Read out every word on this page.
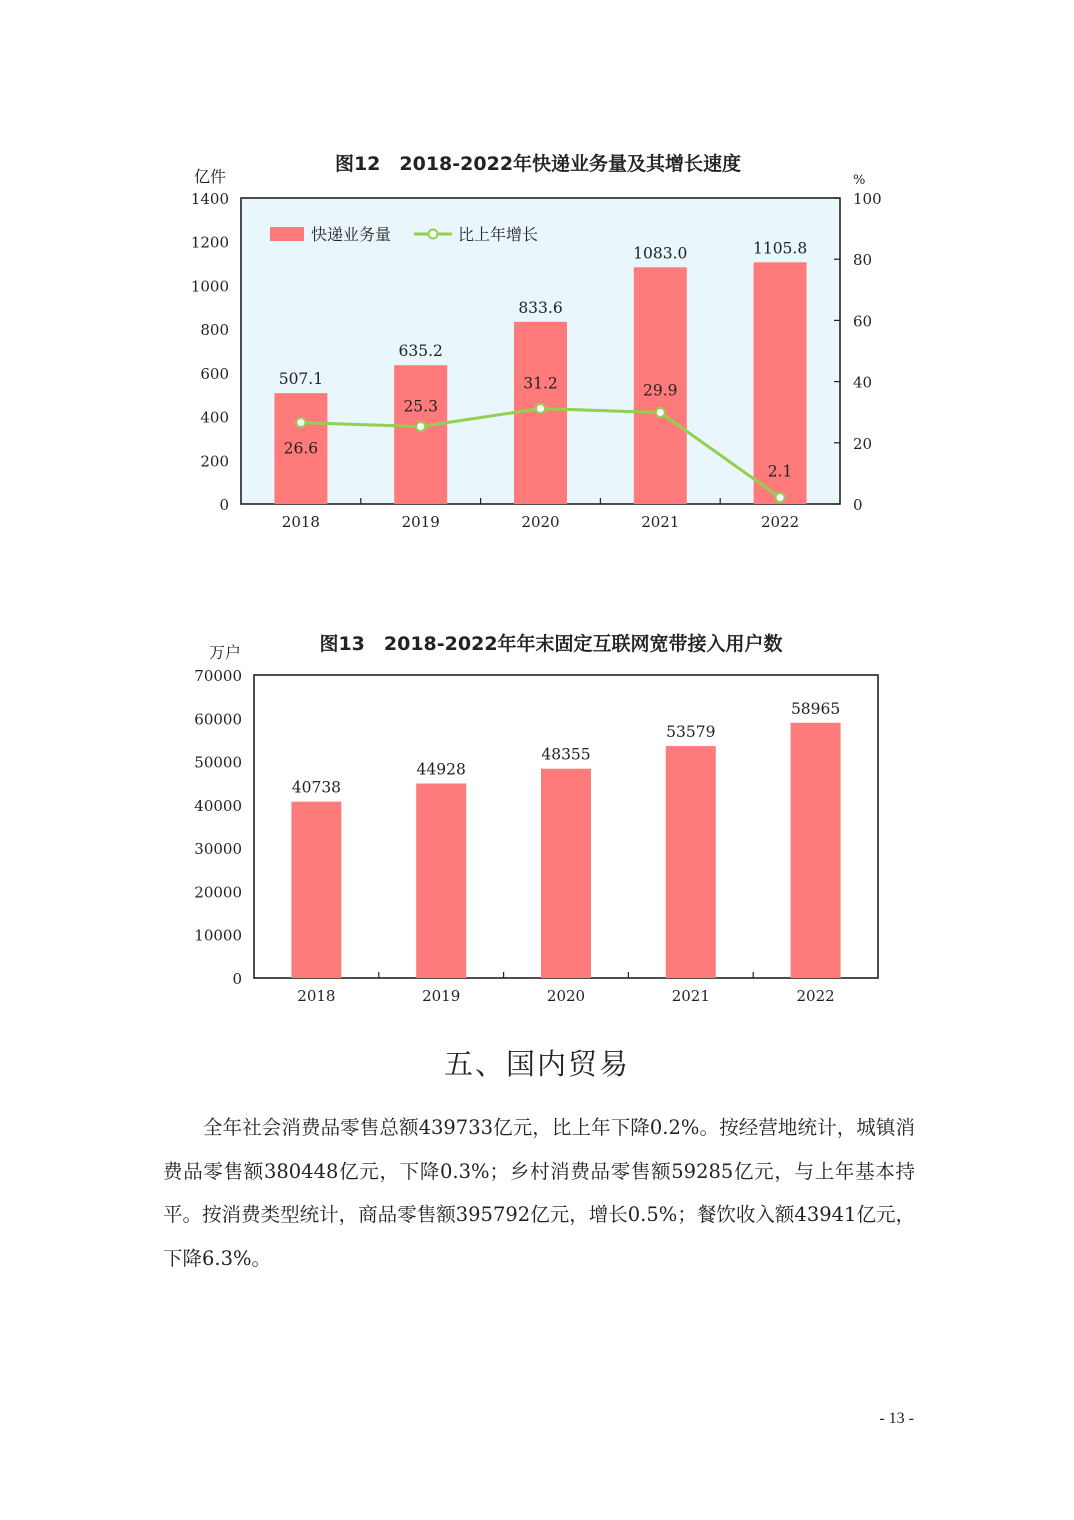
图12　2018-2022年快递业务量及其增长速度
亿件	%
0
200
400
600
800
1000
1200
1400
0
20
40
60
80
100
2018	2019	2020	2021	2022
507.1
635.2
833.6
1083.0	1105.8
26.6
25.3
31.2	29.9
2.1
快递业务量	比上年增长
图13　2018-2022年年末固定互联网宽带接入用户数
万户
0
10000
20000
30000
40000
50000
60000
70000
2018	2019	2020	2021	2022
40738
44928
48355
53579
58965
五、国内贸易
全年社会消费品零售总额439733亿元，比上年下降0.2%。按经营地统计，城镇消费品零售额380448亿元，下降0.3%；乡村消费品零售额59285亿元，与上年基本持平。按消费类型统计，商品零售额395792亿元，增长0.5%；餐饮收入额43941亿元，下降6.3%。
- 13 -
